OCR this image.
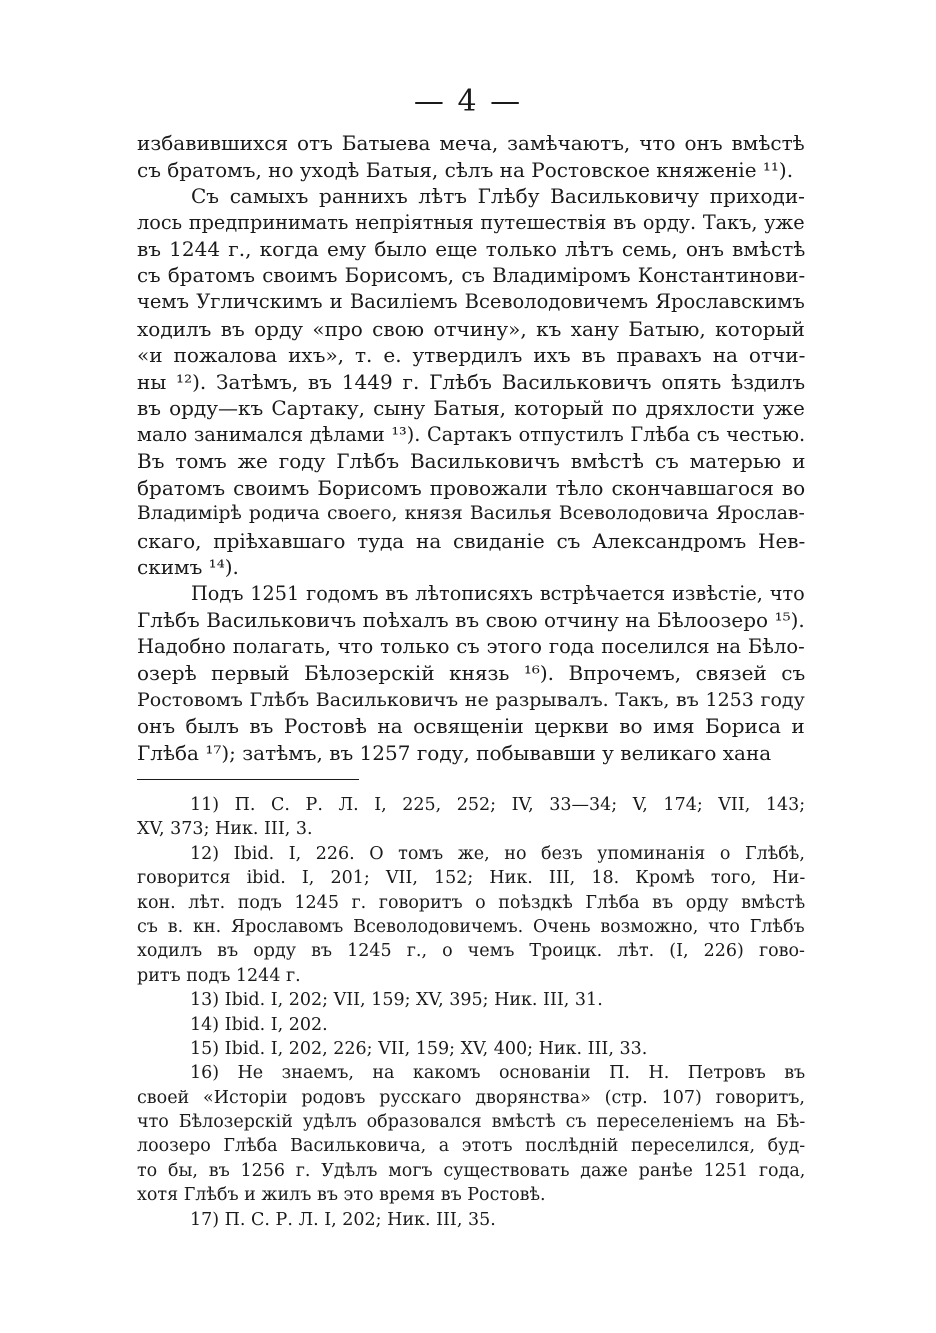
— 4 —
избавившихся отъ Батыева меча, замѣчаютъ, что онъ вмѣстѣ
съ братомъ, но уходѣ Батыя, сѣлъ на Ростовское княженіе ¹¹).
Съ самыхъ раннихъ лѣтъ Глѣбу Васильковичу приходи-
лось предпринимать непріятныя путешествія въ орду. Такъ, уже
въ 1244 г., когда ему было еще только лѣтъ семь, онъ вмѣстѣ
съ братомъ своимъ Борисомъ, съ Владиміромъ Константинови-
чемъ Угличскимъ и Василіемъ Всеволодовичемъ Ярославскимъ
ходилъ въ орду «про свою отчину», къ хану Батыю, который
«и пожалова ихъ», т. е. утвердилъ ихъ въ правахъ на отчи-
ны ¹²). Затѣмъ, въ 1449 г. Глѣбъ Васильковичъ опять ѣздилъ
въ орду—къ Сартаку, сыну Батыя, который по дряхлости уже
мало занимался дѣлами ¹³). Сартакъ отпустилъ Глѣба съ честью.
Въ томъ же году Глѣбъ Васильковичъ вмѣстѣ съ матерью и
братомъ своимъ Борисомъ провожали тѣло скончавшагося во
Владимірѣ родича своего, князя Василья Всеволодовича Ярослав-
скаго, пріѣхавшаго туда на свиданіе съ Александромъ Нев-
скимъ ¹⁴).
Подъ 1251 годомъ въ лѣтописяхъ встрѣчается извѣстіе, что
Глѣбъ Васильковичъ поѣхалъ въ свою отчину на Бѣлоозеро ¹⁵).
Надобно полагать, что только съ этого года поселился на Бѣло-
озерѣ первый Бѣлозерскій князь ¹⁶). Впрочемъ, связей съ
Ростовомъ Глѣбъ Васильковичъ не разрывалъ. Такъ, въ 1253 году
онъ былъ въ Ростовѣ на освященіи церкви во имя Бориса и
Глѣба ¹⁷); затѣмъ, въ 1257 году, побывавши у великаго хана
11) П. С. Р. Л. I, 225, 252; IV, 33—34; V, 174; VII, 143;
XV, 373; Ник. III, 3.
12) Ibid. I, 226. О томъ же, но безъ упоминанія о Глѣбѣ,
говорится ibid. I, 201; VII, 152; Ник. III, 18. Кромѣ того, Ни-
кон. лѣт. подъ 1245 г. говоритъ о поѣздкѣ Глѣба въ орду вмѣстѣ
съ в. кн. Ярославомъ Всеволодовичемъ. Очень возможно, что Глѣбъ
ходилъ въ орду въ 1245 г., о чемъ Троицк. лѣт. (I, 226) гово-
ритъ подъ 1244 г.
13) Ibid. I, 202; VII, 159; XV, 395; Ник. III, 31.
14) Ibid. I, 202.
15) Ibid. I, 202, 226; VII, 159; XV, 400; Ник. III, 33.
16) Не знаемъ, на какомъ основаніи П. Н. Петровъ въ
своей «Исторіи родовъ русскаго дворянства» (стр. 107) говоритъ,
что Бѣлозерскій удѣлъ образовался вмѣстѣ съ переселеніемъ на Бѣ-
лоозеро Глѣба Васильковича, а этотъ послѣдній переселился, буд-
то бы, въ 1256 г. Удѣлъ могъ существовать даже ранѣе 1251 года,
хотя Глѣбъ и жилъ въ это время въ Ростовѣ.
17) П. С. Р. Л. I, 202; Ник. III, 35.
